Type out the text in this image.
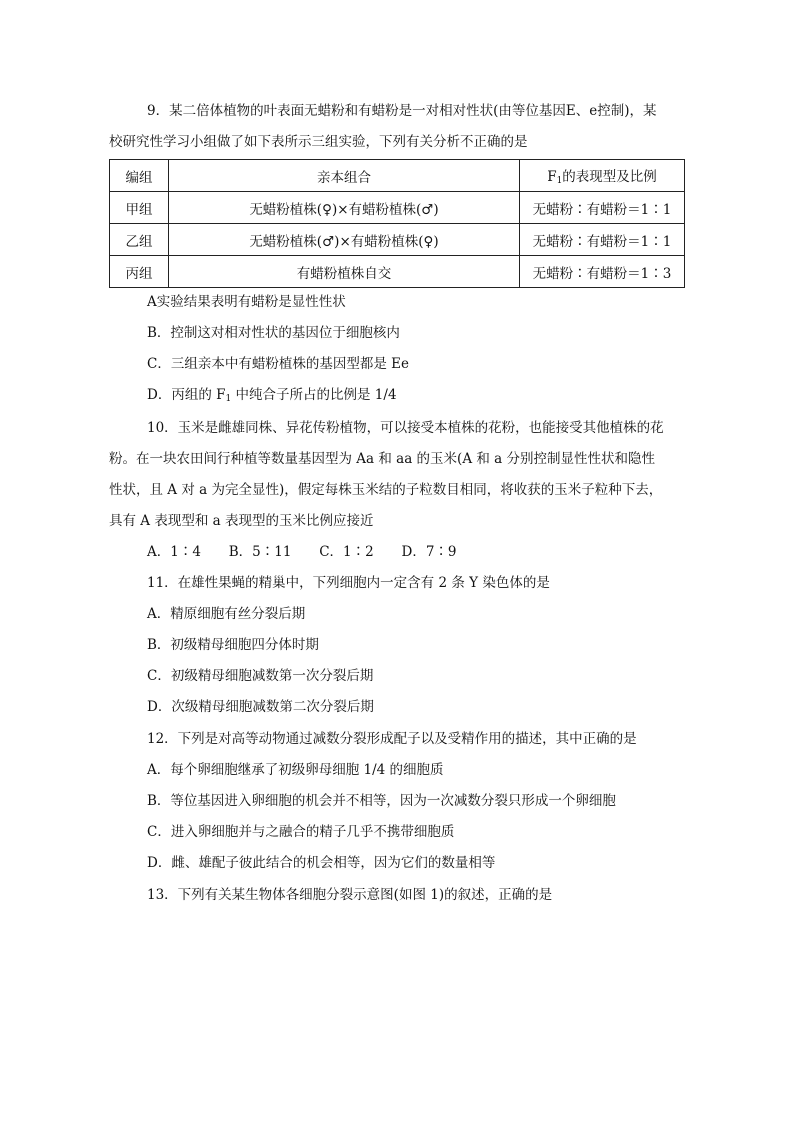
9．某二倍体植物的叶表面无蜡粉和有蜡粉是一对相对性状(由等位基因E、e控制)，某
校研究性学习小组做了如下表所示三组实验，下列有关分析不正确的是
编组	亲本组合	$F_1$的表现型及比例
甲组	无蜡粉植株(♀)×有蜡粉植株(♂)	无蜡粉∶有蜡粉＝1∶1
乙组	无蜡粉植株(♂)×有蜡粉植株(♀)	无蜡粉∶有蜡粉＝1∶1
丙组	有蜡粉植株自交	无蜡粉∶有蜡粉＝1∶3
A实验结果表明有蜡粉是显性性状
B．控制这对相对性状的基因位于细胞核内
C．三组亲本中有蜡粉植株的基因型都是 Ee
D．丙组的 $F_1$ 中纯合子所占的比例是 1/4
10．玉米是雌雄同株、异花传粉植物，可以接受本植株的花粉，也能接受其他植株的花
粉。在一块农田间行种植等数量基因型为 Aa 和 aa 的玉米(A 和 a 分别控制显性性状和隐性
性状，且 A 对 a 为完全显性)，假定每株玉米结的子粒数目相同，将收获的玉米子粒种下去，
具有 A 表现型和 a 表现型的玉米比例应接近
A．1∶4　 B．5∶11　 C．1∶2　 D．7∶9
11．在雄性果蝇的精巢中，下列细胞内一定含有 2 条 Y 染色体的是
A．精原细胞有丝分裂后期
B．初级精母细胞四分体时期
C．初级精母细胞减数第一次分裂后期
D．次级精母细胞减数第二次分裂后期
12．下列是对高等动物通过减数分裂形成配子以及受精作用的描述，其中正确的是
A．每个卵细胞继承了初级卵母细胞 1/4 的细胞质
B．等位基因进入卵细胞的机会并不相等，因为一次减数分裂只形成一个卵细胞
C．进入卵细胞并与之融合的精子几乎不携带细胞质
D．雌、雄配子彼此结合的机会相等，因为它们的数量相等
13．下列有关某生物体各细胞分裂示意图(如图 1)的叙述，正确的是
